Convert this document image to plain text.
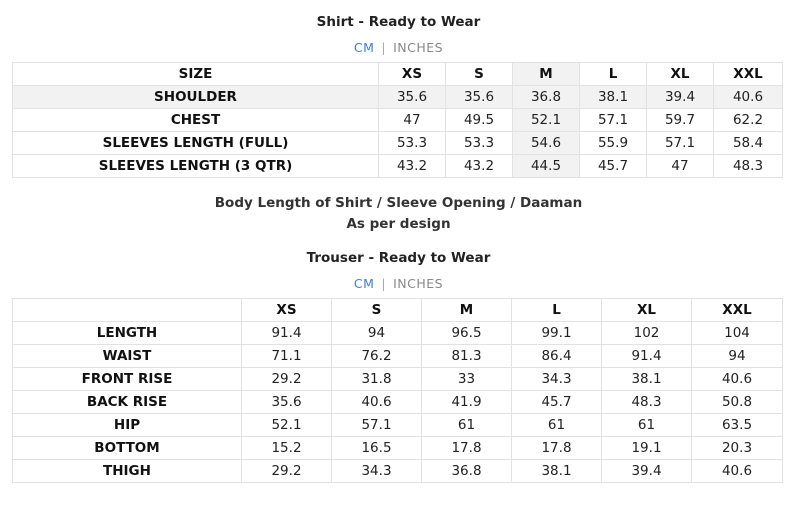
Shirt - Ready to Wear
CM | INCHES
SIZE	XS	S	M	L	XL	XXL
SHOULDER	35.6	35.6	36.8	38.1	39.4	40.6
CHEST	47	49.5	52.1	57.1	59.7	62.2
SLEEVES LENGTH (FULL)	53.3	53.3	54.6	55.9	57.1	58.4
SLEEVES LENGTH (3 QTR)	43.2	43.2	44.5	45.7	47	48.3
Body Length of Shirt / Sleeve Opening / Daaman
As per design
Trouser - Ready to Wear
CM | INCHES
	XS	S	M	L	XL	XXL
LENGTH	91.4	94	96.5	99.1	102	104
WAIST	71.1	76.2	81.3	86.4	91.4	94
FRONT RISE	29.2	31.8	33	34.3	38.1	40.6
BACK RISE	35.6	40.6	41.9	45.7	48.3	50.8
HIP	52.1	57.1	61	61	61	63.5
BOTTOM	15.2	16.5	17.8	17.8	19.1	20.3
THIGH	29.2	34.3	36.8	38.1	39.4	40.6
